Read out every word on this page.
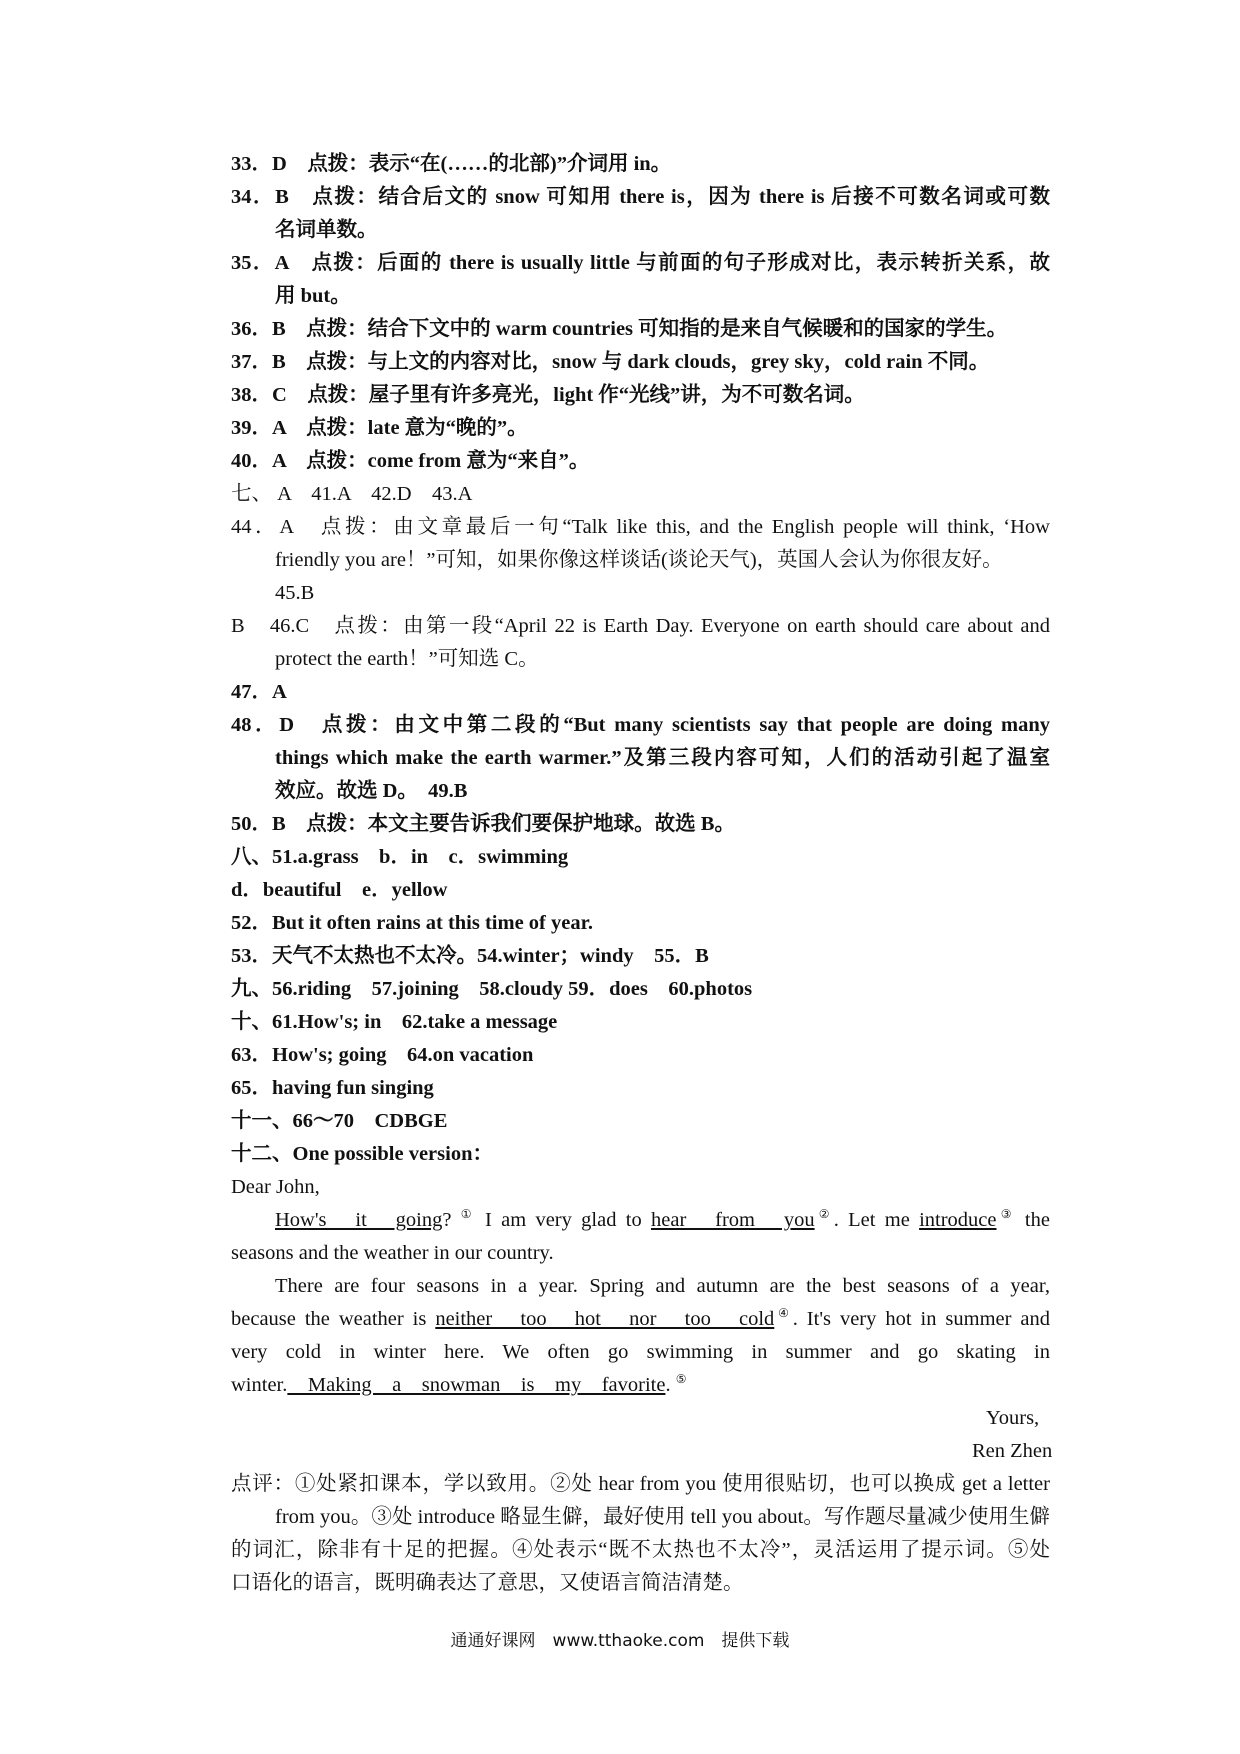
33．D　 点拨：表示“在(……的北部)”介词用 in。
34．B　 点拨：结合后文的 snow 可知用 there is，因为 there is 后接不可数名词或可数
名词单数。
35．A　 点拨：后面的 there is usually little 与前面的句子形成对比，表示转折关系，故
用 but。
36．B　 点拨：结合下文中的 warm countries 可知指的是来自气候暖和的国家的学生。
37．B　 点拨：与上文的内容对比，snow 与 dark clouds，grey sky，cold rain 不同。
38．C　 点拨：屋子里有许多亮光，light 作“光线”讲，为不可数名词。
39．A　 点拨：late 意为“晚的”。
40．A　 点拨：come from 意为“来自”。
七、 A　41.A　42.D　43.A
44．A　点拨：由文章最后一句“Talk like this, and the English people will think, ‘How
friendly you are！”可知，如果你像这样谈话(谈论天气)，英国人会认为你很友好。
45.B
B　46.C　点拨：由第一段“April 22 is Earth Day. Everyone on earth should care about and
protect the earth！”可知选 C。
47．A
48．D　点拨：由文中第二段的“But many scientists say that people are doing many
things which make the earth warmer.”及第三段内容可知，人们的活动引起了温室
效应。故选 D。　49.B
50．B　点拨：本文主要告诉我们要保护地球。故选 B。
八、51.a.grass　b．in　c．swimming
d．beautiful　e．yellow
52．But it often rains at this time of year.
53．天气不太热也不太冷。54.winter；windy　55．B
九、56.riding　57.joining　58.cloudy 59．does　60.photos
十、61.How's; in　62.take a message
63．How's; going　64.on vacation
65．having fun singing
十一、66～70　CDBGE
十二、One possible version：
Dear John,
How's　it　going? ① I am very glad to hear　from　you②. Let me introduce③ the
seasons and the weather in our country.
There are four seasons in a year. Spring and autumn are the best seasons of a year,
because the weather is neither　too　hot　nor　too　cold④. It's very hot in summer and
very cold in winter here. We often go swimming in summer and go skating in
winter.　Making　a　snowman　is　my　favorite. ⑤
Yours,
Ren Zhen
点评：①处紧扣课本，学以致用。②处 hear from you 使用很贴切，也可以换成 get a letter
from you。③处 introduce 略显生僻，最好使用 tell you about。写作题尽量减少使用生僻
的词汇，除非有十足的把握。④处表示“既不太热也不太冷”，灵活运用了提示词。⑤处
口语化的语言，既明确表达了意思，又使语言简洁清楚。
通通好课网　www.tthaoke.com　提供下载
